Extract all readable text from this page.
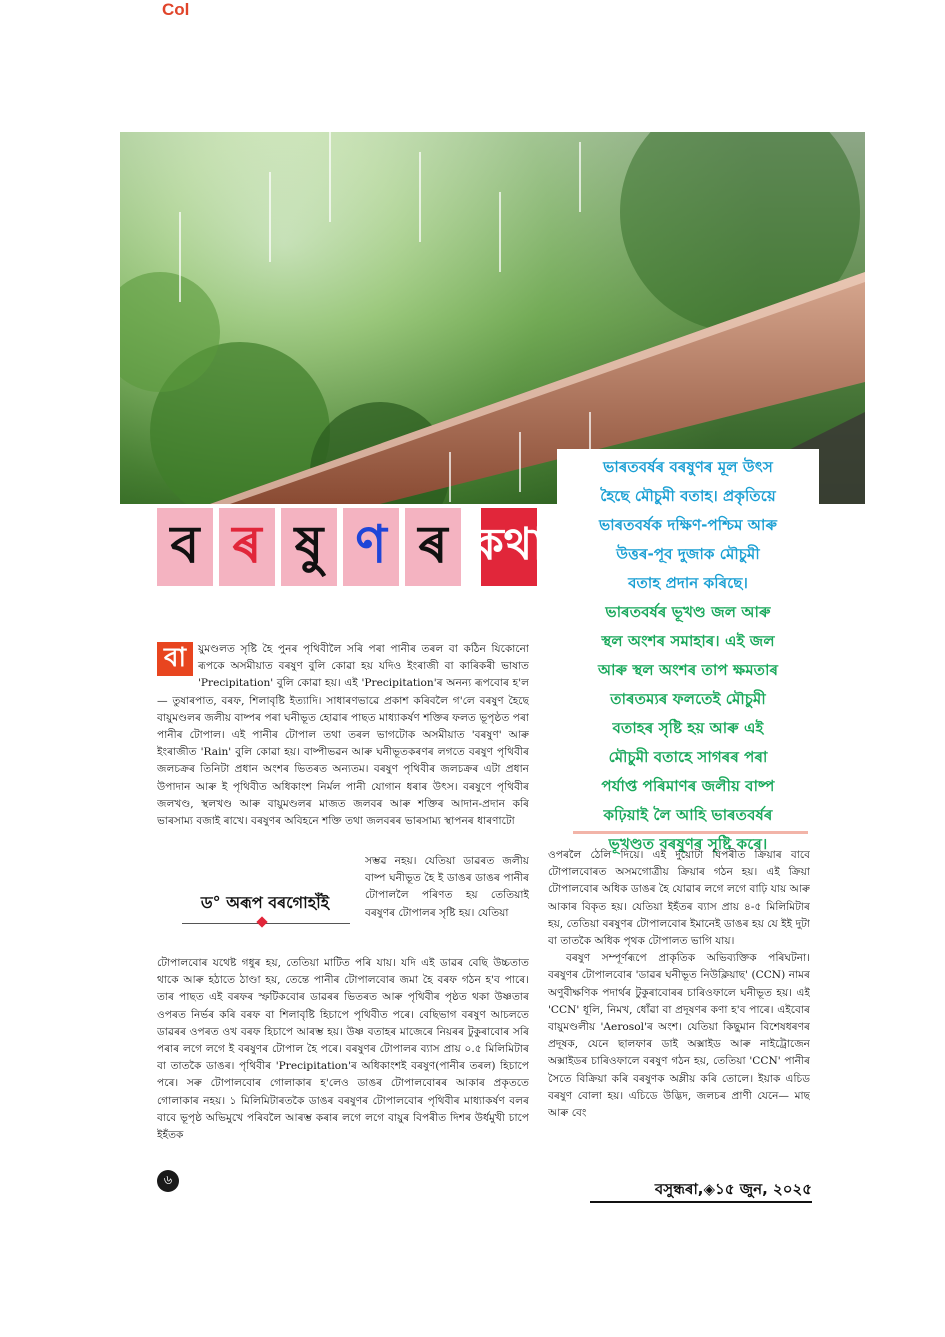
Col
ব ৰ ষু ণ ৰ কথা

ভাৰতবৰ্ষৰ বৰষুণৰ মূল উৎস

হৈছে মৌচুমী বতাহ। প্ৰকৃতিয়ে

ভাৰতবৰ্ষক দক্ষিণ-পশ্চিম আৰু

উত্তৰ-পূব দুজাক মৌচুমী

বতাহ প্ৰদান কৰিছে।

ভাৰতবৰ্ষৰ ভূখণ্ড জল আৰু

স্থল অংশৰ সমাহাৰ। এই জল

আৰু স্থল অংশৰ তাপ ক্ষমতাৰ

তাৰতম্যৰ ফলতেই মৌচুমী

বতাহৰ সৃষ্টি হয় আৰু এই

মৌচুমী বতাহে সাগৰৰ পৰা

পৰ্যাপ্ত পৰিমাণৰ জলীয় বাষ্প

কঢ়িয়াই লৈ আহি ভাৰতবৰ্ষৰ

ভূখণ্ডত বৰষুণৰ সৃষ্টি কৰে।

বা	য়ুমণ্ডলত সৃষ্টি হৈ পুনৰ পৃথিবীলৈ সৰি পৰা পানীৰ তৰল বা কঠিন যিকোনো ৰূপকে অসমীয়াত বৰষুণ বুলি কোৱা হয় যদিও ইংৰাজী বা কাৰিকৰী ভাষাত 'Precipitation' বুলি কোৱা হয়। এই 'Precipitation'ৰ অনন্য ৰূপবোৰ হ'ল— তুষাৰপাত, বৰফ, শিলাবৃষ্টি ইত্যাদি। সাধাৰণভাৱে প্ৰকাশ কৰিবলৈ গ'লে বৰষুণ হৈছে বায়ুমণ্ডলৰ জলীয় বাষ্পৰ পৰা ঘনীভূত হোৱাৰ পাছত মাধ্যাকৰ্ষণ শক্তিৰ ফলত ভূপৃষ্ঠত পৰা পানীৰ টোপাল। এই পানীৰ টোপাল তথা তৰল ভাগটোক অসমীয়াত 'বৰষুণ' আৰু ইংৰাজীত 'Rain' বুলি কোৱা হয়। বাষ্পীভৱন আৰু ঘনীভূতকৰণৰ লগতে বৰষুণ পৃথিবীৰ জলচক্ৰৰ তিনিটা প্ৰধান অংশৰ ভিতৰত অন্যতম। বৰষুণ পৃথিবীৰ জলচক্ৰৰ এটা প্ৰধান উপাদান আৰু ই পৃথিবীত অধিকাংশ নিৰ্মল পানী যোগান ধৰাৰ উৎস। বৰষুণে পৃথিবীৰ জলখণ্ড, স্থলখণ্ড আৰু বায়ুমণ্ডলৰ মাজত জলবৰ আৰু শক্তিৰ আদান-প্ৰদান কৰি ভাৰসাম্য বজাই ৰাখে। বৰষুণৰ অবিহনে শক্তি তথা জলবৰৰ ভাৰসাম্য স্থাপনৰ ধাৰণাটো

সম্ভৱ নহয়। যেতিয়া ডাৱৰত জলীয় বাষ্প ঘনীভূত হৈ ই ডাঙৰ ডাঙৰ পানীৰ টোপাললৈ পৰিণত হয় তেতিয়াই বৰষুণৰ টোপালৰ সৃষ্টি হয়। যেতিয়া

ড° অৰূপ বৰগোহাঁই

টোপালবোৰ যথেষ্ট গধুৰ হয়, তেতিয়া মাটিত পৰি যায়। যদি এই ডাৱৰ বেছি উচ্চতাত থাকে আৰু হঠাতে ঠাণ্ডা হয়, তেন্তে পানীৰ টোপালবোৰ জমা হৈ বৰফ গঠন হ'ব পাৰে। তাৰ পাছত এই বৰফৰ স্ফটিকবোৰ ডাৱৰৰ ভিতৰত আৰু পৃথিবীৰ পৃষ্ঠত থকা উষ্ণতাৰ ওপৰত নিৰ্ভৰ কৰি বৰফ বা শিলাবৃষ্টি হিচাপে পৃথিবীত পৰে। বেছিভাগ বৰষুণ আচলতে ডাৱৰৰ ওপৰত ওখ বৰফ হিচাপে আৰম্ভ হয়। উষ্ণ বতাহৰ মাজেৰে নিয়ৰৰ টুকুৰাবোৰ সৰি পৰাৰ লগে লগে ই বৰষুণৰ টোপাল হৈ পৰে। বৰষুণৰ টোপালৰ ব্যাস প্ৰায় ০.৫ মিলিমিটাৰ বা তাতকৈ ডাঙৰ। পৃথিবীৰ 'Precipitation'ৰ অধিকাংশই বৰষুণ(পানীৰ তৰল) হিচাপে পৰে। সৰু টোপালবোৰ গোলাকাৰ হ'লেও ডাঙৰ টোপালবোৰৰ আকাৰ প্ৰকৃততে গোলাকাৰ নহয়। ১ মিলিমিটাৰতকৈ ডাঙৰ বৰষুণৰ টোপালবোৰ পৃথিবীৰ মাধ্যাকৰ্ষণ বলৰ বাবে ভূপৃষ্ঠ অভিমুখে পৰিবলৈ আৰম্ভ কৰাৰ লগে লগে বায়ুৰ বিপৰীত দিশৰ উৰ্ধমুখী চাপে ইহঁতক

ওপৰলৈ ঠেলি দিয়ে। এই দুয়োটা বিপৰীত ক্ৰিয়াৰ বাবে টোপালবোৰত অসমগোত্ৰীয় ক্ৰিয়াৰ গঠন হয়। এই ক্ৰিয়া টোপালবোৰ অধিক ডাঙৰ হৈ যোৱাৰ লগে লগে বাঢ়ি যায় আৰু আকাৰ বিকৃত হয়। যেতিয়া ইহঁতৰ ব্যাস প্ৰায় ৪-৫ মিলিমিটাৰ হয়, তেতিয়া বৰষুণৰ টোপালবোৰ ইমানেই ডাঙৰ হয় যে ইই দুটা বা তাতকৈ অধিক পৃথক টোপালত ভাগি যায়।

বৰষুণ সম্পূৰ্ণৰূপে প্ৰাকৃতিক অভিব্যক্তিক পৰিঘটনা। বৰষুণৰ টোপালবোৰ 'ডাৱৰ ঘনীভূত নিউক্লিয়াছ' (CCN) নামৰ অণুবীক্ষণিক পদাৰ্থৰ টুকুৰাবোৰৰ চাৰিওফালে ঘনীভূত হয়। এই 'CCN' ধূলি, নিমখ, ধোঁৱা বা প্ৰদূষণৰ কণা হ'ব পাৰে। এইবোৰ বায়ুমণ্ডলীয় 'Aerosol'ৰ অংশ। যেতিয়া কিছুমান বিশেষধৰণৰ প্ৰদূষক, যেনে ছালফাৰ ডাই অক্সাইড আৰু নাইট্ৰোজেন অক্সাইডৰ চাৰিওফালে বৰষুণ গঠন হয়, তেতিয়া 'CCN' পানীৰ সৈতে বিক্ৰিয়া কৰি বৰষুণক অম্লীয় কৰি তোলে। ইয়াক এচিড বৰষুণ বোলা হয়। এচিডে উদ্ভিদ, জলচৰ প্ৰাণী যেনে— মাছ আৰু বেং

৬	বসুন্ধৰা,◈১৫ জুন, ২০২৫
